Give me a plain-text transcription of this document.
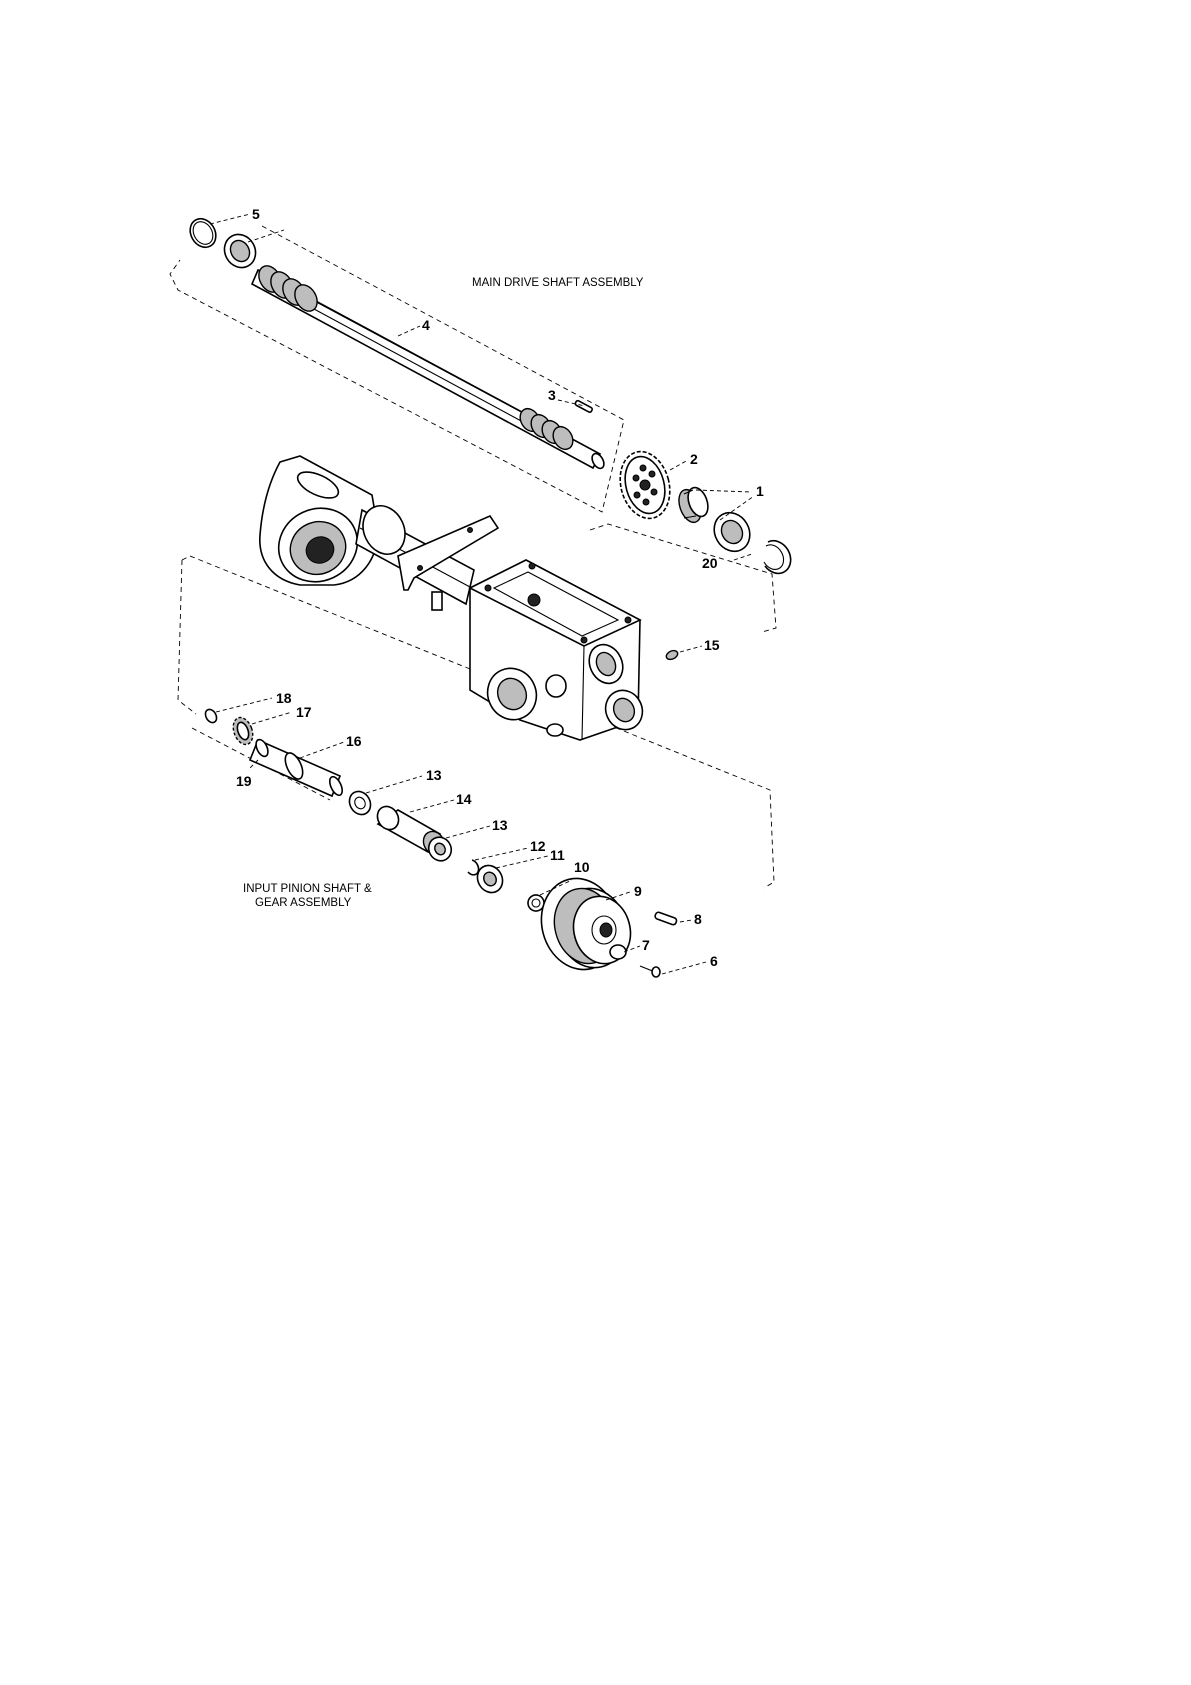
MAIN DRIVE SHAFT ASSEMBLY
INPUT PINION SHAFT &
GEAR ASSEMBLY
5
4
3
2
1
20
15
18
17
16
19	13
14
13
12
11
10
9
8
7
6
